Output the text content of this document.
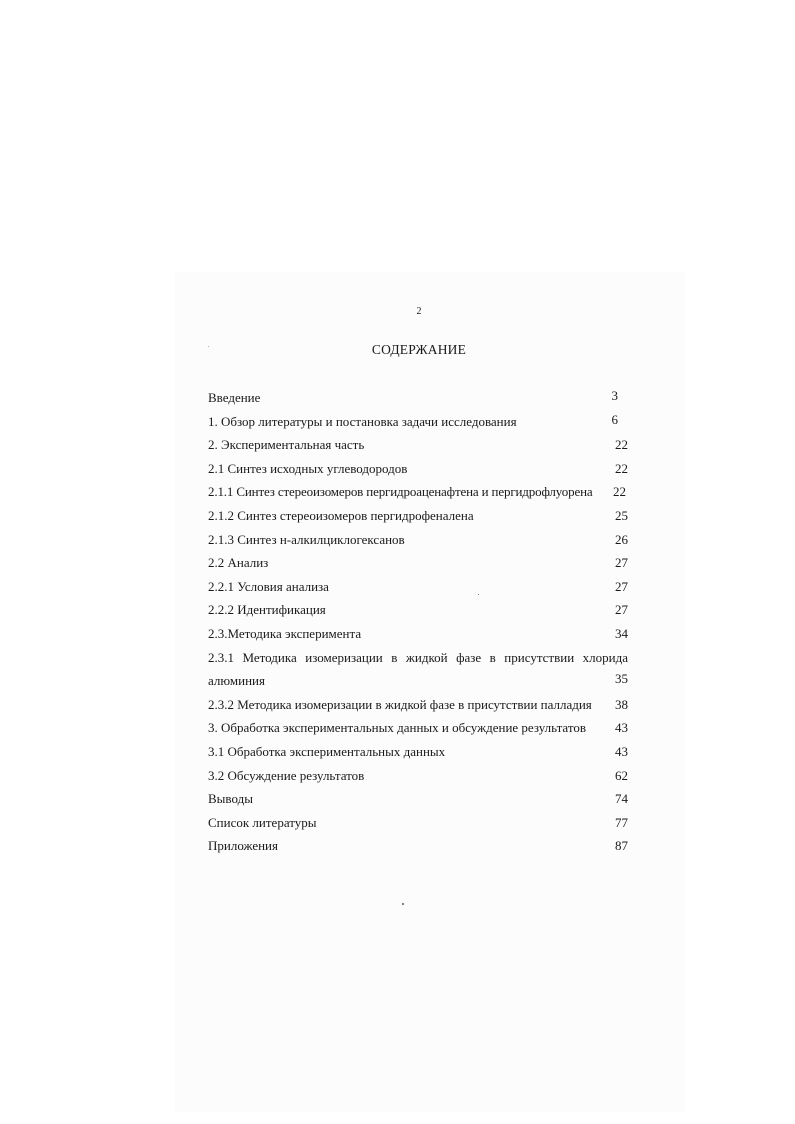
2
СОДЕРЖАНИЕ
Введение	3
1. Обзор литературы и постановка задачи исследования	6
2. Экспериментальная часть	22
2.1 Синтез исходных углеводородов	22
2.1.1 Синтез стереоизомеров пергидроаценафтена и пергидрофлуорена 22
2.1.2 Синтез стереоизомеров пергидрофеналена	25
2.1.3 Синтез н-алкилциклогексанов	26
2.2 Анализ	27
2.2.1 Условия анализа	27
2.2.2 Идентификация	27
2.3.Методика эксперимента	34
2.3.1 Методика изомеризации в жидкой фазе в присутствии хлорида алюминия	35
2.3.2 Методика изомеризации в жидкой фазе в присутствии палладия 38
3. Обработка экспериментальных данных и обсуждение результатов 43
3.1 Обработка экспериментальных данных	43
3.2 Обсуждение результатов	62
Выводы	74
Список литературы	77
Приложения	87
